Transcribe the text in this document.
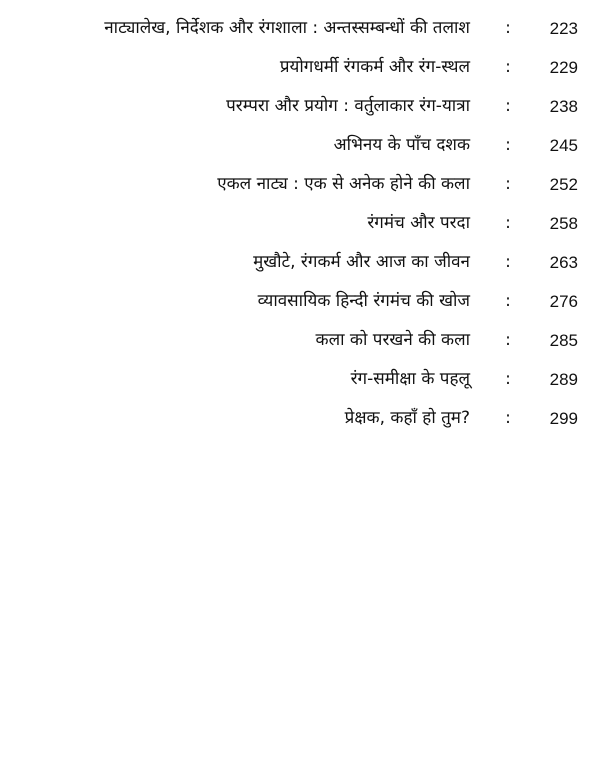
नाट्यालेख, निर्देशक और रंगशाला : अन्तस्सम्बन्धों की तलाश : 223
प्रयोगधर्मी रंगकर्म और रंग-स्थल : 229
परम्परा और प्रयोग : वर्तुलाकार रंग-यात्रा : 238
अभिनय के पाँच दशक : 245
एकल नाट्य : एक से अनेक होने की कला : 252
रंगमंच और परदा : 258
मुखौटे, रंगकर्म और आज का जीवन : 263
व्यावसायिक हिन्दी रंगमंच की खोज : 276
कला को परखने की कला : 285
रंग-समीक्षा के पहलू : 289
प्रेक्षक, कहाँ हो तुम? : 299
